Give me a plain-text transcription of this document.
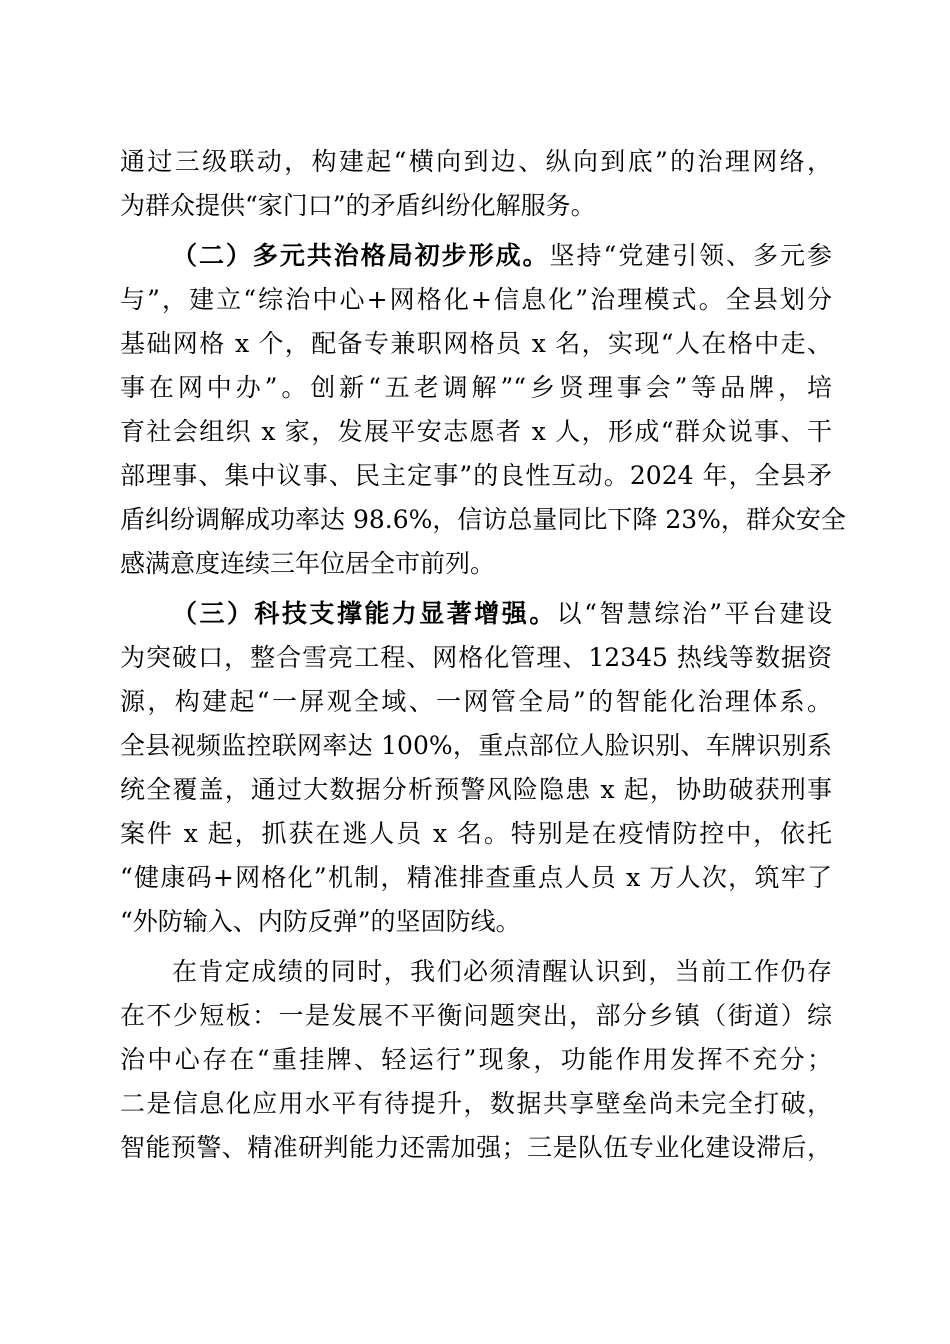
通过三级联动，构建起“横向到边、纵向到底”的治理网络，
为群众提供“家门口”的矛盾纠纷化解服务。
（二）多元共治格局初步形成。坚持“党建引领、多元参
与”，建立“综治中心+网格化+信息化”治理模式。全县划分
基础网格 x 个，配备专兼职网格员 x 名，实现“人在格中走、
事在网中办”。创新“五老调解”“乡贤理事会”等品牌，培
育社会组织 x 家，发展平安志愿者 x 人，形成“群众说事、干
部理事、集中议事、民主定事”的良性互动。2024 年，全县矛
盾纠纷调解成功率达 98.6%，信访总量同比下降 23%，群众安全
感满意度连续三年位居全市前列。
（三）科技支撑能力显著增强。以“智慧综治”平台建设
为突破口，整合雪亮工程、网格化管理、12345 热线等数据资
源，构建起“一屏观全域、一网管全局”的智能化治理体系。
全县视频监控联网率达 100%，重点部位人脸识别、车牌识别系
统全覆盖，通过大数据分析预警风险隐患 x 起，协助破获刑事
案件 x 起，抓获在逃人员 x 名。特别是在疫情防控中，依托
“健康码+网格化”机制，精准排查重点人员 x 万人次，筑牢了
“外防输入、内防反弹”的坚固防线。
在肯定成绩的同时，我们必须清醒认识到，当前工作仍存
在不少短板：一是发展不平衡问题突出，部分乡镇（街道）综
治中心存在“重挂牌、轻运行”现象，功能作用发挥不充分；
二是信息化应用水平有待提升，数据共享壁垒尚未完全打破，
智能预警、精准研判能力还需加强；三是队伍专业化建设滞后，
